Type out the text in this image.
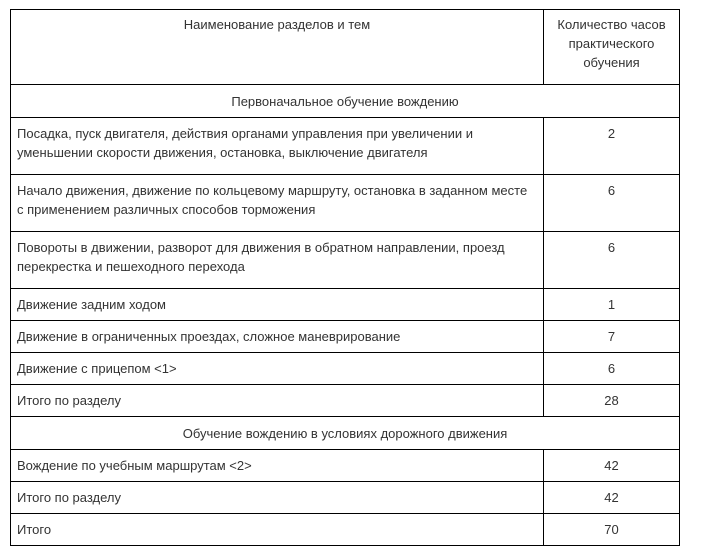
Наименование разделов и тем	Количество часов практического обучения
Первоначальное обучение вождению	
Посадка, пуск двигателя, действия органами управления при увеличении и уменьшении скорости движения, остановка, выключение двигателя	2
Начало движения, движение по кольцевому маршруту, остановка в заданном месте с применением различных способов торможения	6
Повороты в движении, разворот для движения в обратном направлении, проезд перекрестка и пешеходного перехода	6
Движение задним ходом	1
Движение в ограниченных проездах, сложное маневрирование	7
Движение с прицепом <1>	6
Итого по разделу	28
Обучение вождению в условиях дорожного движения	
Вождение по учебным маршрутам <2>	42
Итого по разделу	42
Итого	70
